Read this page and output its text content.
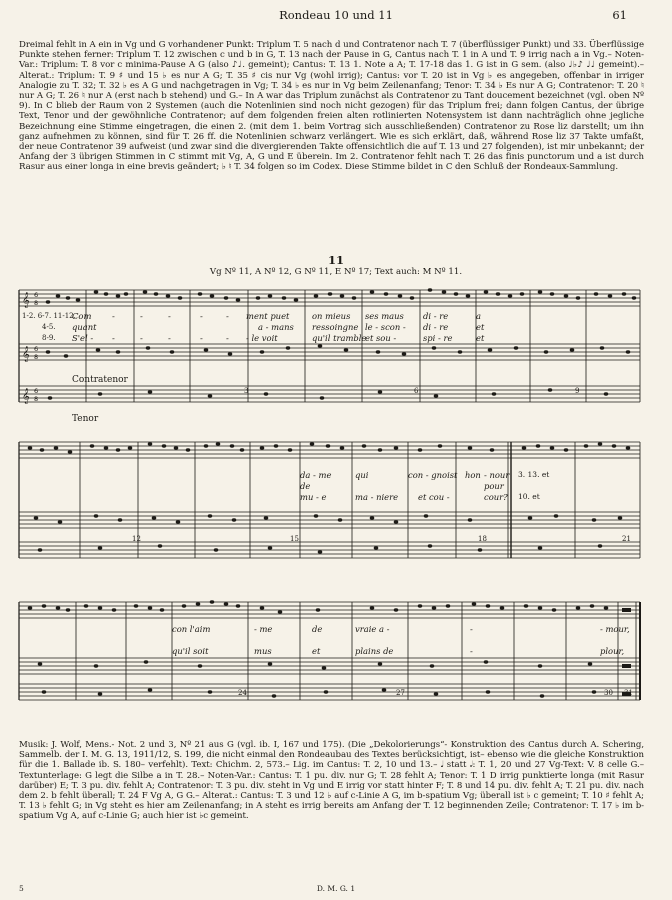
Rondeau 10 und 11	61

Dreimal fehlt in A ein in Vg und G vorhandener Punkt: Triplum T. 5 nach d und Contratenor nach T. 7 (überflüssiger Punkt) und 33. Überflüssige Punkte stehen ferner: Triplum T. 12 zwischen c und b in G, T. 13 nach der Pause in G, Cantus nach T. 1 in A und T. 9 irrig nach a in Vg.– Noten-Var.: Triplum: T. 8 vor c minima-Pause A G (also ♪♩. gemeint); Cantus: T. 13 1. Note a A; T. 17-18 das 1. G ist in G sem. (also ♩♭♪ ♩♩ gemeint).– Alterat.: Triplum: T. 9 ♯ und 15 ♭ es nur A G; T. 35 ♯ cis nur Vg (wohl irrig); Cantus: vor T. 20 ist in Vg ♭ es angegeben, offenbar in irriger Analogie zu T. 32; T. 32 ♭ es A G und nachgetragen in Vg; T. 34 ♭ es nur in Vg beim Zeilenanfang; Tenor: T. 34 ♭ Es nur A G; Contratenor: T. 20 ♮ nur A G; T. 26 ♮ nur A (erst nach b stehend) und G.– In A war das Triplum zunächst als Contratenor zu Tant doucement bezeichnet (vgl. oben Nº 9). In C blieb der Raum von 2 Systemen (auch die Notenlinien sind noch nicht gezogen) für das Triplum frei; dann folgen Cantus, der übrige Text, Tenor und der gewöhnliche Contratenor; auf dem folgenden freien alten rotlinierten Notensystem ist dann nachträglich ohne jegliche Bezeichnung eine Stimme eingetragen, die einen 2. (mit dem 1. beim Vortrag sich ausschließenden) Contratenor zu Rose liz darstellt; um ihn ganz aufnehmen zu können, sind für T. 26 ff. die Notenlinien schwarz verlängert. Wie es sich erklärt, daß, während Rose liz 37 Takte umfaßt, der neue Contratenor 39 aufweist (und zwar sind die divergierenden Takte offensichtlich die auf T. 13 und 27 folgenden), ist mir unbekannt; der Anfang der 3 übrigen Stimmen in C stimmt mit Vg, A, G und E überein. Im 2. Contratenor fehlt nach T. 26 das finis punctorum und a ist durch Rasur aus einer longa in eine brevis geändert; ♭ ♮ T. 34 folgen so im Codex. Diese Stimme bildet in C den Schluß der Rondeaux-Sammlung.

11
Vg Nº 11, A Nº 12, G Nº 11, E Nº 17; Text auch: M Nº 11.
𝄞
𝄞
𝄞
6
8
6
8
6
8
1-2. 6-7. 11-12.
4-5.
8-9.
Com -	-	-	-	- ment puet	on mieus ses maus di - re	a
quant	a - mans ressoingne le - scon - di - re	et
S'el - -	-	-	-	- - le voit	qu'il tramble
et sou -	spi - re	et
Contratenor
Tenor
3	6	9
da - me	qui	con - gnoist hon - nour 3. 13. et
de
mu - e	ma - niere et cou -
pour
10. et
cour?
12	15	18	21
con l'aim	- me	de	vraie a -	-	- mour,
qu'il soit	mus	et	plains de	-	plour,
24	27	30 31

Musik: J. Wolf, Mens.- Not. 2 und 3, Nº 21 aus G (vgl. ib. I, 167 und 175). (Die „Dekolorierungs“- Konstruktion des Cantus durch A. Schering, Sammelb. der I. M. G. 13, 1911/12, S. 199, die nicht einmal den Rondeaubau des Textes berücksichtigt, ist– ebenso wie die gleiche Konstruktion für die 1. Ballade ib. S. 180– verfehlt). Text: Chichm. 2, 573.– Lig. im Cantus: T. 2, 10 und 13.– 𝅘𝅥 statt 𝅗𝅥: T. 1, 20 und 27 Vg-Text: V. 8 celle G.– Textunterlage: G legt die Silbe a in T. 28.– Noten-Var.: Cantus: T. 1 pu. div. nur G; T. 28 fehlt A; Tenor: T. 1 D irrig punktierte longa (mit Rasur darüber) E; T. 3 pu. div. fehlt A; Contratenor: T. 3 pu. div. steht in Vg und E irrig vor statt hinter F; T. 8 und 14 pu. div. fehlt A; T. 21 pu. div. nach dem 2. b fehlt überall; T. 24 F Vg A, G G.– Alterat.: Cantus: T. 3 und 12 ♭ auf c-Linie A G, im b-spatium Vg; überall ist ♭ c gemeint; T. 10 ♯ fehlt A; T. 13 ♭ fehlt G; in Vg steht es hier am Zeilenanfang; in A steht es irrig bereits am Anfang der T. 12 beginnenden Zeile; Contratenor: T. 17 ♭ im b-spatium Vg A, auf c-Linie G; auch hier ist ♭c gemeint.

5	D. M. G. 1
